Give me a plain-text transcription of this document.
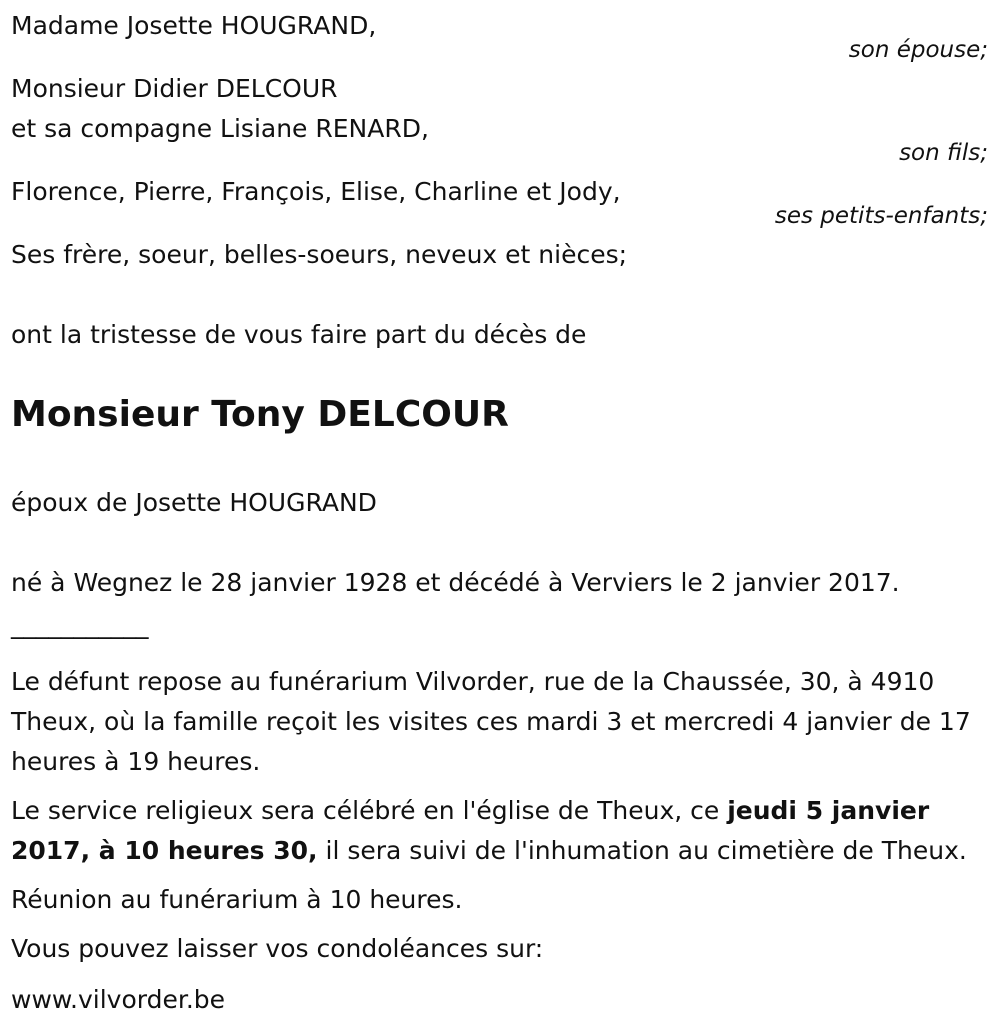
Madame Josette HOUGRAND,
son épouse;
Monsieur Didier DELCOUR
et sa compagne Lisiane RENARD,
son fils;
Florence, Pierre, François, Elise, Charline et Jody,
ses petits-enfants;
Ses frère, soeur, belles-soeurs, neveux et nièces;
ont la tristesse de vous faire part du décès de
Monsieur Tony DELCOUR
époux de Josette HOUGRAND
né à Wegnez le 28 janvier 1928 et décédé à Verviers le 2 janvier 2017.
___________
Le défunt repose au funérarium Vilvorder, rue de la Chaussée, 30, à 4910 Theux, où la famille reçoit les visites ces mardi 3 et mercredi 4 janvier de 17 heures à 19 heures.
Le service religieux sera célébré en l'église de Theux, ce jeudi 5 janvier 2017, à 10 heures 30, il sera suivi de l'inhumation au cimetière de Theux.
Réunion au funérarium à 10 heures.
Vous pouvez laisser vos condoléances sur:
www.vilvorder.be
